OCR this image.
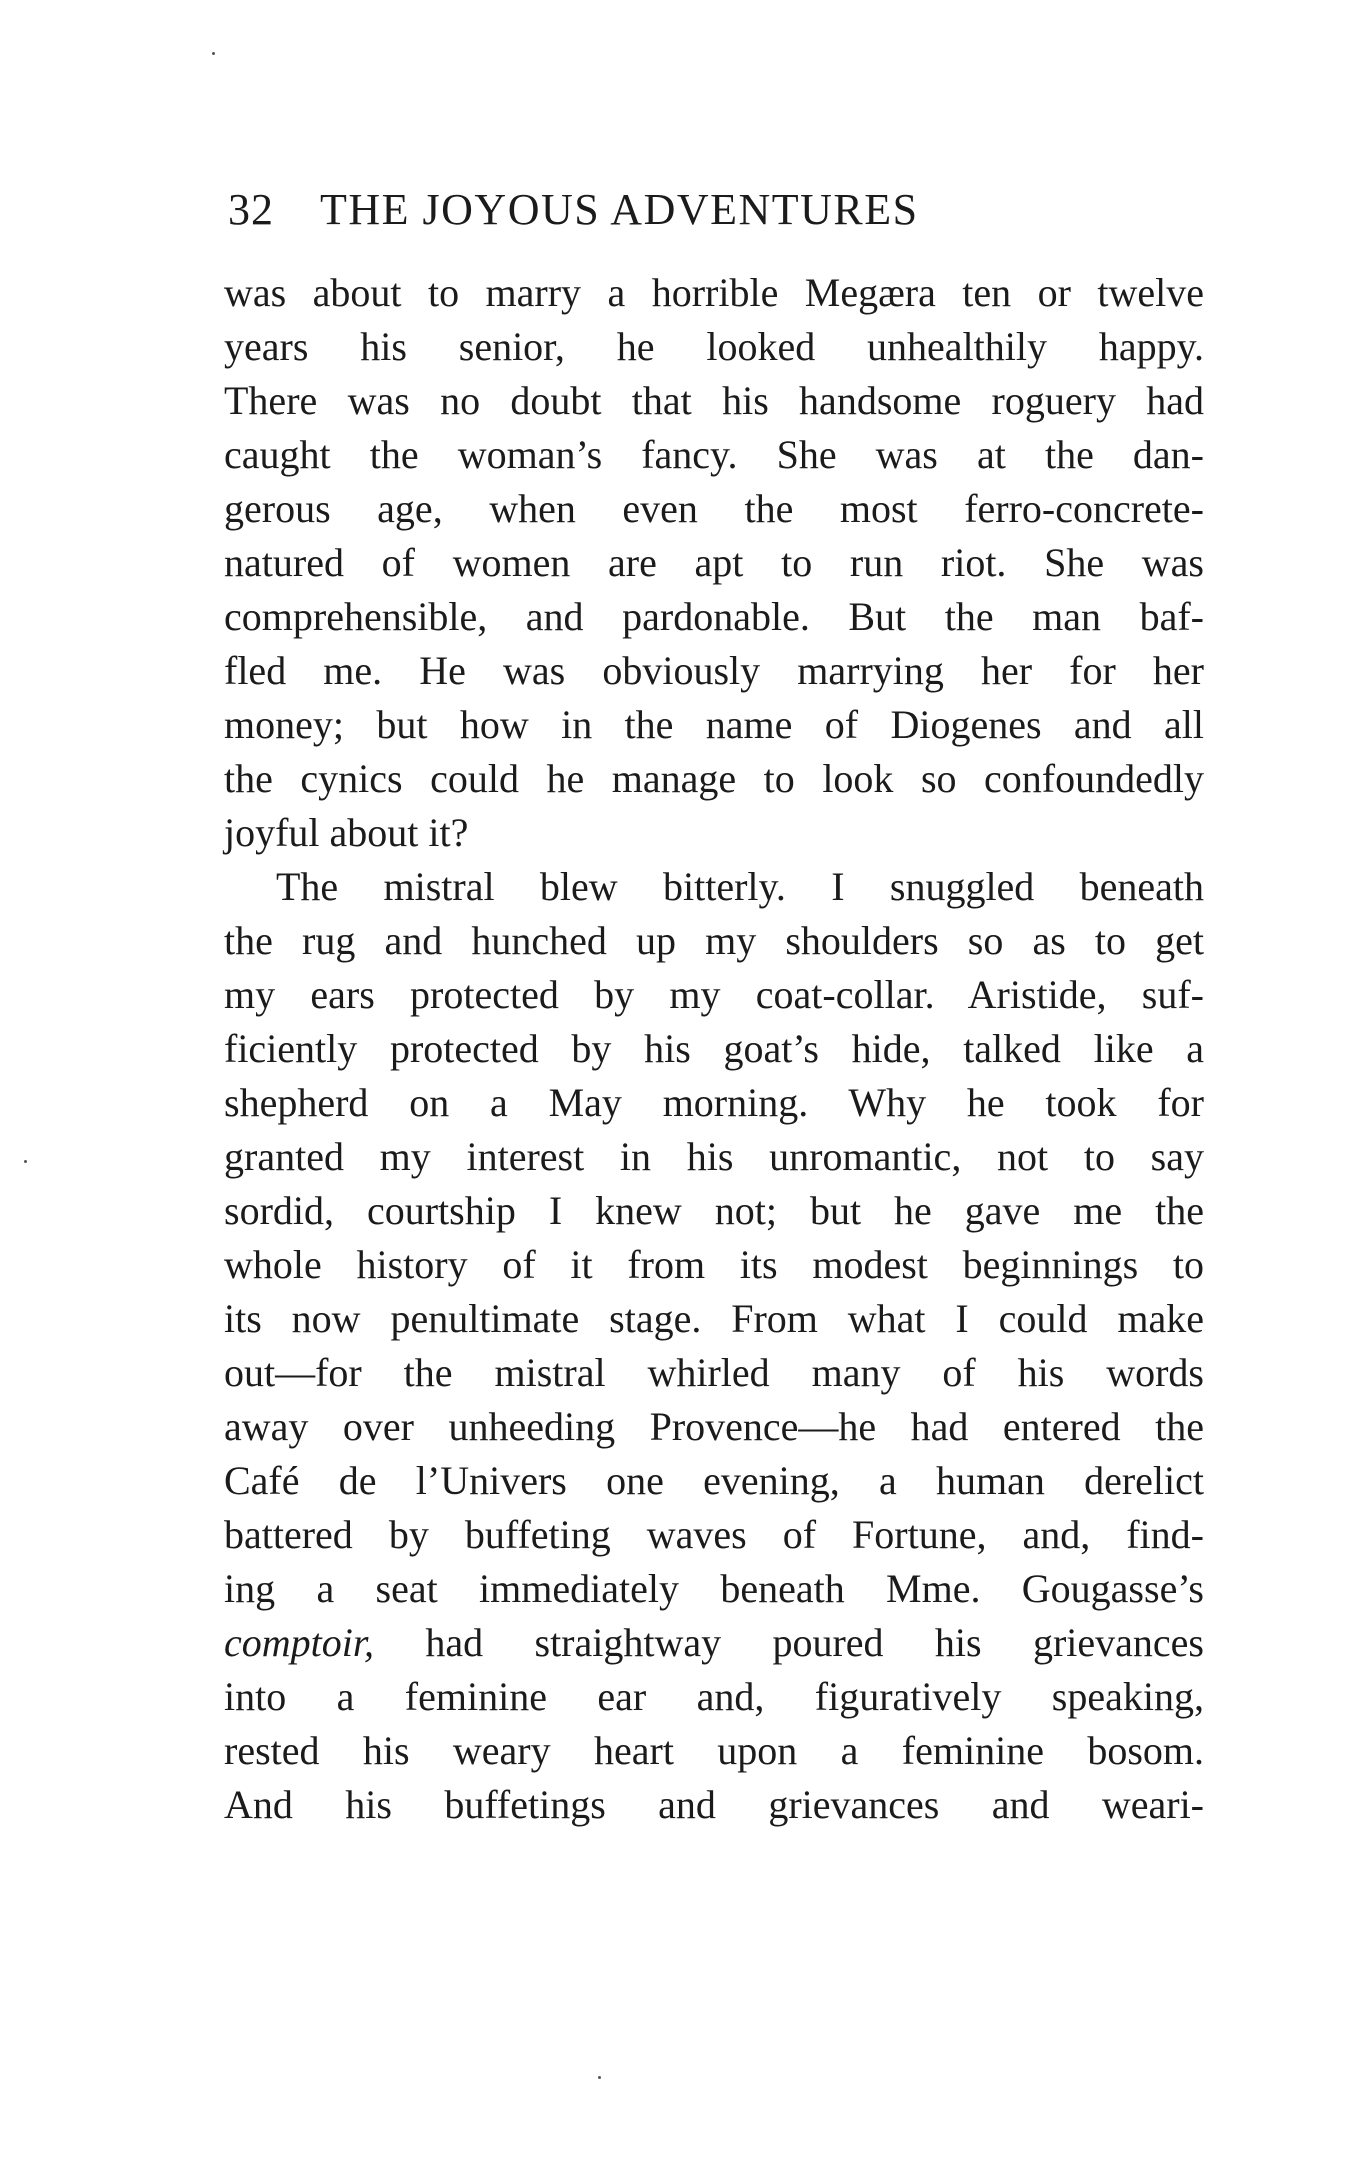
32 THE JOYOUS ADVENTURES
was about to marry a horrible Megæra ten or twelve
years his senior, he looked unhealthily happy.
There was no doubt that his handsome roguery had
caught the woman’s fancy. She was at the dan-
gerous age, when even the most ferro-concrete-
natured of women are apt to run riot. She was
comprehensible, and pardonable. But the man baf-
fled me. He was obviously marrying her for her
money; but how in the name of Diogenes and all
the cynics could he manage to look so confoundedly
joyful about it?
The mistral blew bitterly. I snuggled beneath
the rug and hunched up my shoulders so as to get
my ears protected by my coat-collar. Aristide, suf-
ficiently protected by his goat’s hide, talked like a
shepherd on a May morning. Why he took for
granted my interest in his unromantic, not to say
sordid, courtship I knew not; but he gave me the
whole history of it from its modest beginnings to
its now penultimate stage. From what I could make
out—for the mistral whirled many of his words
away over unheeding Provence—he had entered the
Café de l’Univers one evening, a human derelict
battered by buffeting waves of Fortune, and, find-
ing a seat immediately beneath Mme. Gougasse’s
comptoir, had straightway poured his grievances
into a feminine ear and, figuratively speaking,
rested his weary heart upon a feminine bosom.
And his buffetings and grievances and weari-
